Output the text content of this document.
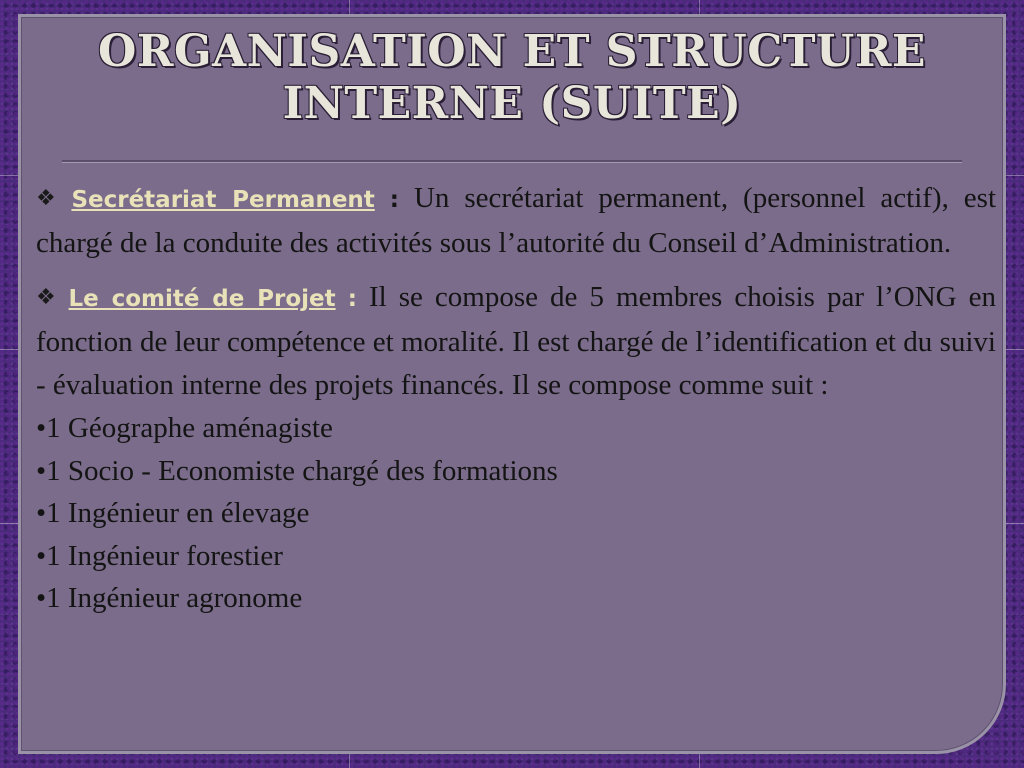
ORGANISATION ET STRUCTURE
INTERNE (SUITE)

❖ Secrétariat Permanent : Un secrétariat permanent, (personnel actif), est chargé de la conduite des activités sous l’autorité du Conseil d’Administration.

❖ Le comité de Projet : Il se compose de 5 membres choisis par l’ONG en fonction de leur compétence et moralité. Il est chargé de l’identification et du suivi - évaluation interne des projets financés. Il se compose comme suit :

•1 Géographe aménagiste

•1 Socio - Economiste chargé des formations

•1 Ingénieur en élevage

•1 Ingénieur forestier

•1 Ingénieur agronome
